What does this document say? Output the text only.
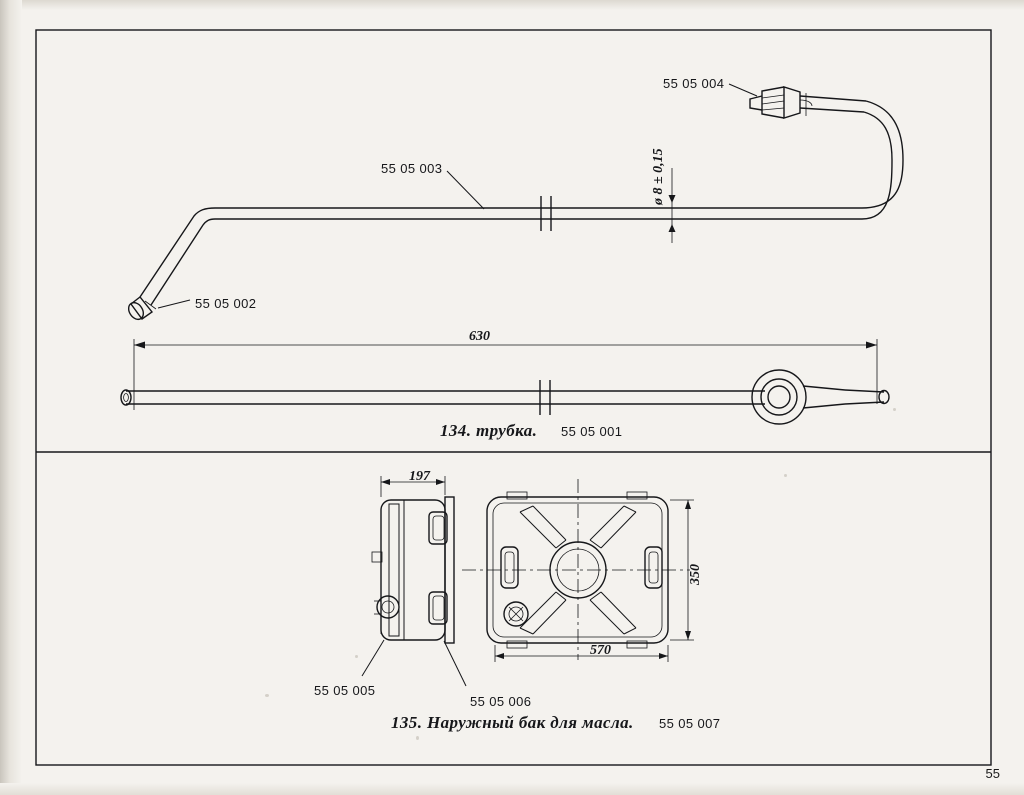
55 05 004
55 05 003
55 05 002
630
ø 8 ± 0,15
134. трубка. 55 05 001
197
570
350
55 05 005
55 05 006
135. Наружный бак для масла. 55 05 007
55
